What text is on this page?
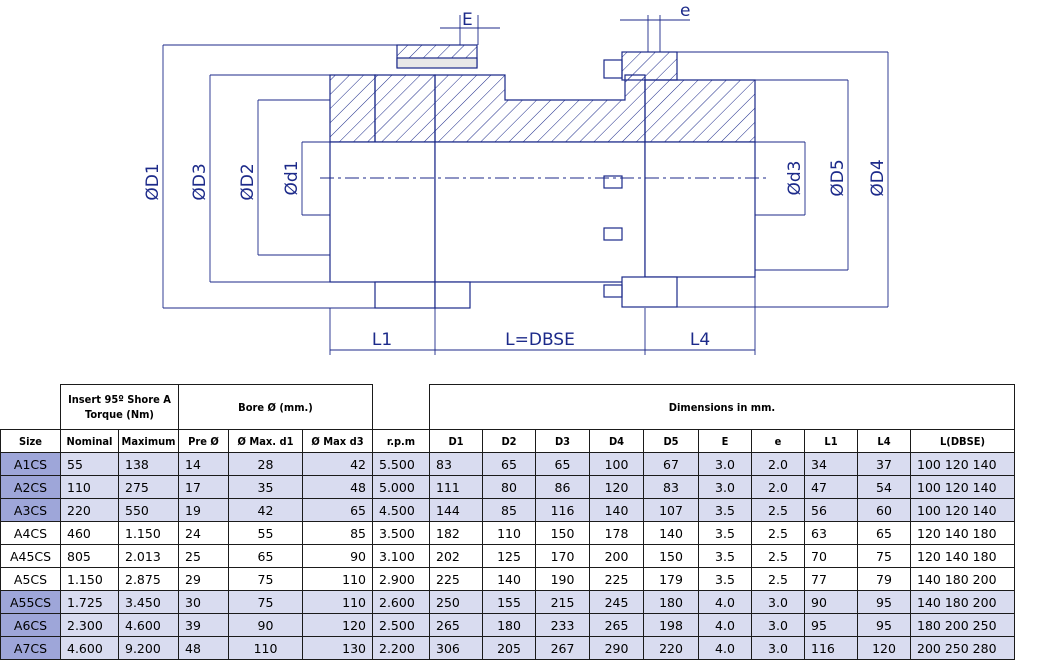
E	e
ØD1 ØD3 ØD2 Ød1	Ød3 ØD5 ØD4
L1	L=DBSE	L4
	Insert 95º Shore A Torque (Nm)		Bore Ø (mm.)				Dimensions in mm.									
Size	Nominal	Maximum	Pre Ø	Ø Max. d1	Ø Max d3	r.p.m	D1	D2	D3	D4	D5	E	e	L1	L4	L(DBSE)
A1CS	55	138	14	28	42	5.500	83	65	65	100	67	3.0	2.0	34	37	100 120 140
A2CS	110	275	17	35	48	5.000	111	80	86	120	83	3.0	2.0	47	54	100 120 140
A3CS	220	550	19	42	65	4.500	144	85	116	140	107	3.5	2.5	56	60	100 120 140
A4CS	460	1.150	24	55	85	3.500	182	110	150	178	140	3.5	2.5	63	65	120 140 180
A45CS	805	2.013	25	65	90	3.100	202	125	170	200	150	3.5	2.5	70	75	120 140 180
A5CS	1.150	2.875	29	75	110	2.900	225	140	190	225	179	3.5	2.5	77	79	140 180 200
A55CS	1.725	3.450	30	75	110	2.600	250	155	215	245	180	4.0	3.0	90	95	140 180 200
A6CS	2.300	4.600	39	90	120	2.500	265	180	233	265	198	4.0	3.0	95	95	180 200 250
A7CS	4.600	9.200	48	110	130	2.200	306	205	267	290	220	4.0	3.0	116	120	200 250 280
